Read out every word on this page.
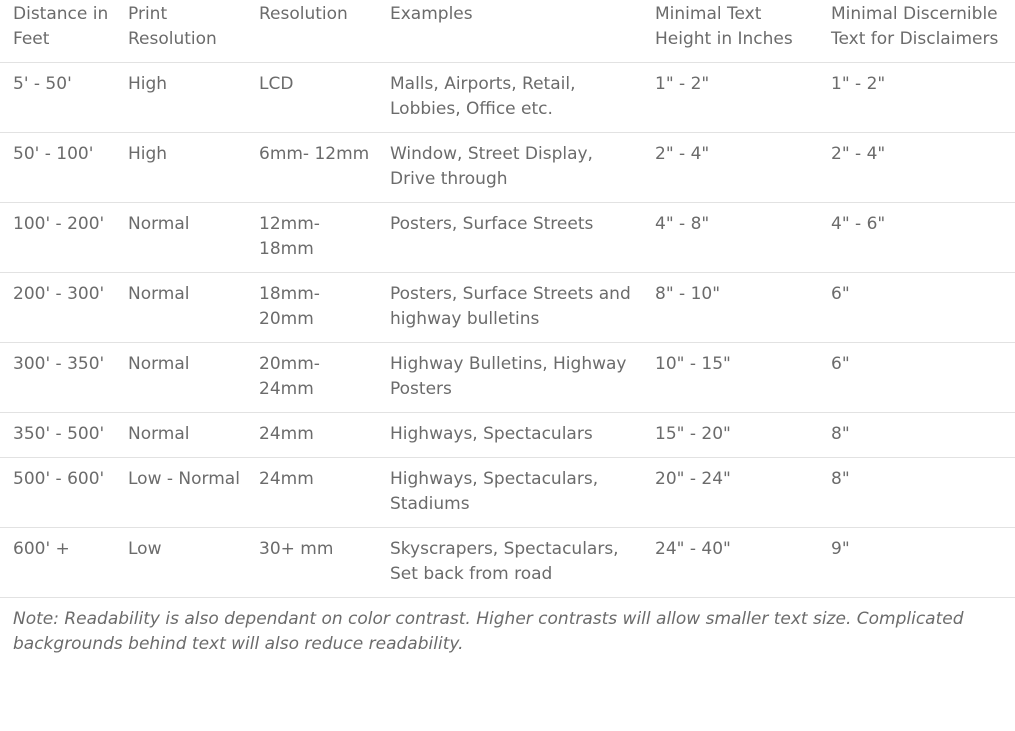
Distance in Feet	Print Resolution	Resolution	Examples	Minimal Text Height in Inches	Minimal Discernible Text for Disclaimers
5' - 50'	High	LCD	Malls, Airports, Retail, Lobbies, Office etc.	1" - 2"	1" - 2"
50' - 100'	High	6mm- 12mm	Window, Street Display, Drive through	2" - 4"	2" - 4"
100' - 200'	Normal	12mm- 18mm	Posters, Surface Streets	4" - 8"	4" - 6"
200' - 300'	Normal	18mm- 20mm	Posters, Surface Streets and highway bulletins	8" - 10"	6"
300' - 350'	Normal	20mm- 24mm	Highway Bulletins, Highway Posters	10" - 15"	6"
350' - 500'	Normal	24mm	Highways, Spectaculars	15" - 20"	8"
500' - 600'	Low - Normal	24mm	Highways, Spectaculars, Stadiums	20" - 24"	8"
600' +	Low	30+ mm	Skyscrapers, Spectaculars, Set back from road	24" - 40"	9"
Note: Readability is also dependant on color contrast. Higher contrasts will allow smaller text size. Complicated backgrounds behind text will also reduce readability.
